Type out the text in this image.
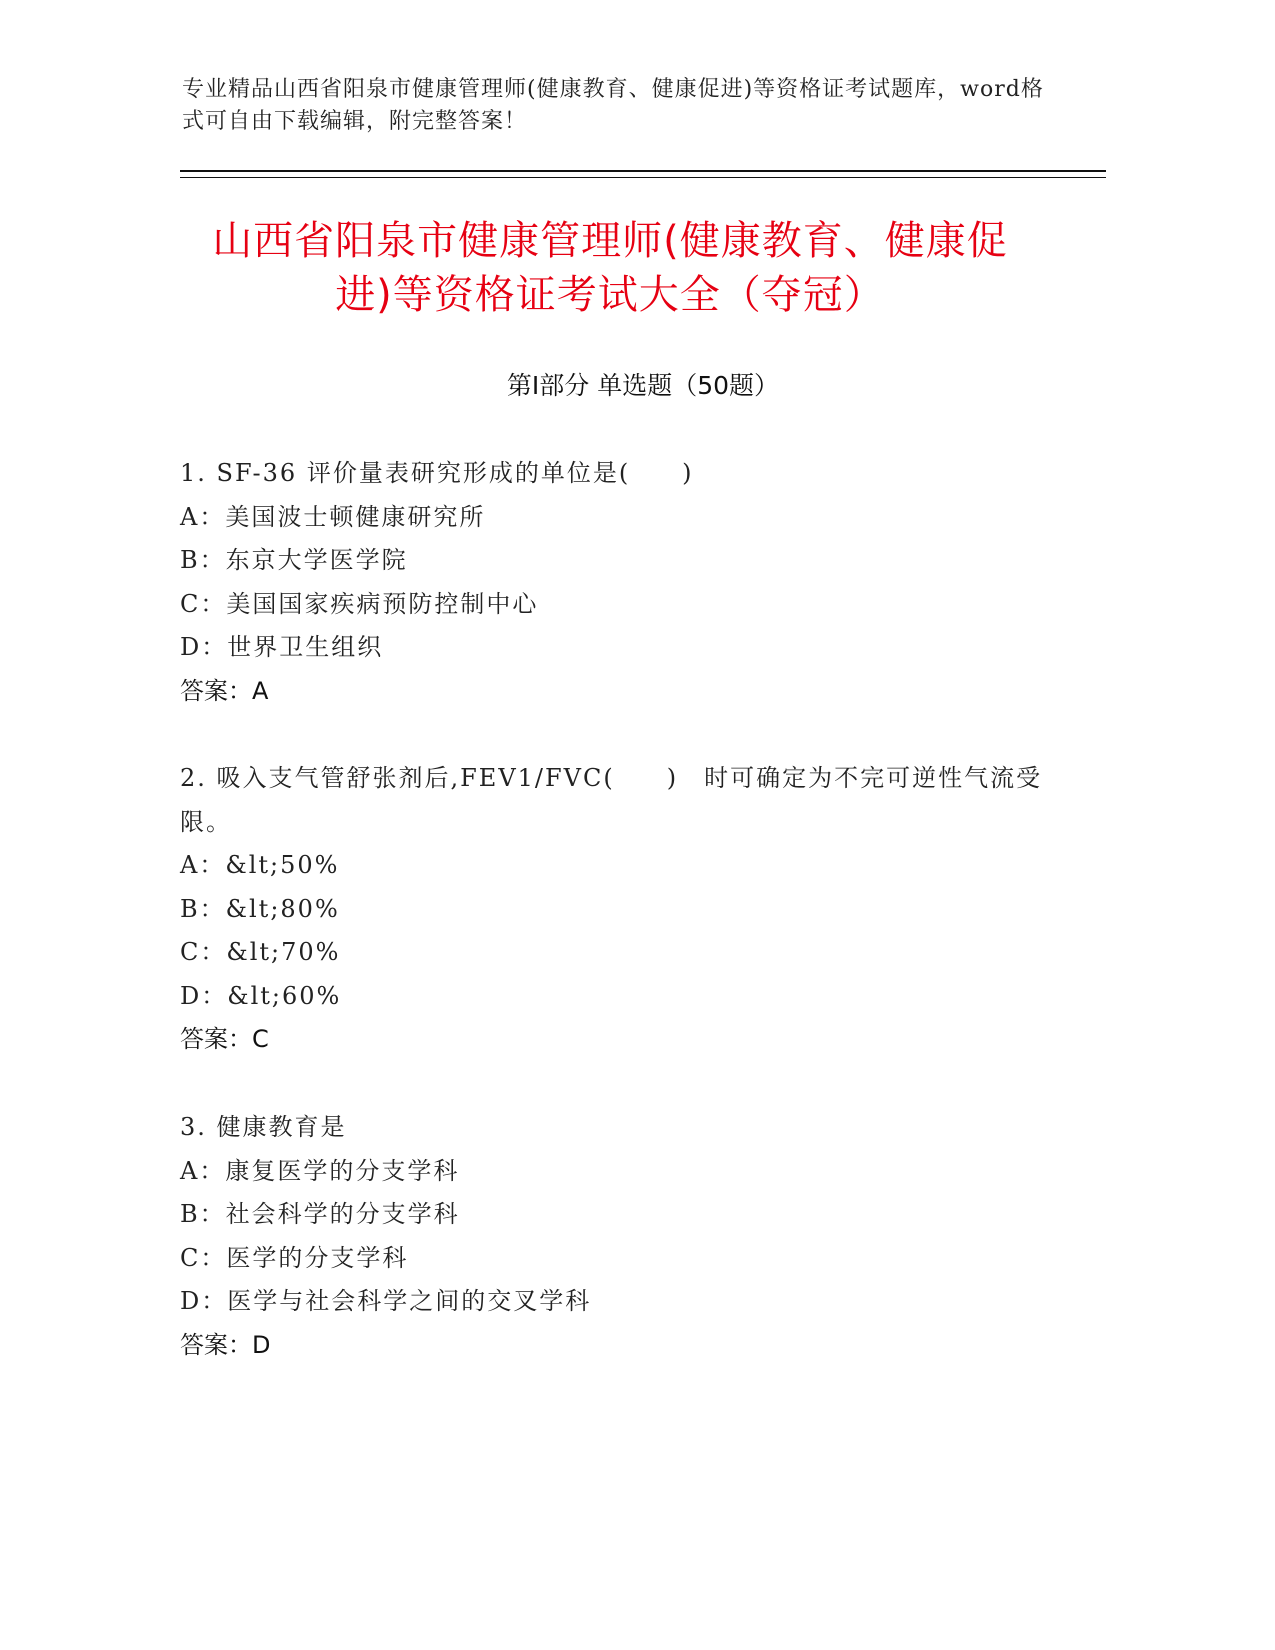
专业精品山西省阳泉市健康管理师(健康教育、健康促进)等资格证考试题库，word格式可自由下载编辑，附完整答案！
山西省阳泉市健康管理师(健康教育、健康促
进)等资格证考试大全（夺冠）
第Ⅰ部分 单选题（50题）

1. SF-36 评价量表研究形成的单位是(　　)

A：美国波士顿健康研究所

B：东京大学医学院

C：美国国家疾病预防控制中心

D：世界卫生组织

答案：A

2. 吸入支气管舒张剂后,FEV1/FVC(　　)　时可确定为不完可逆性气流受限。

A：&lt;50%

B：&lt;80%

C：&lt;70%

D：&lt;60%

答案：C

3. 健康教育是

A：康复医学的分支学科

B：社会科学的分支学科

C：医学的分支学科

D：医学与社会科学之间的交叉学科

答案：D
